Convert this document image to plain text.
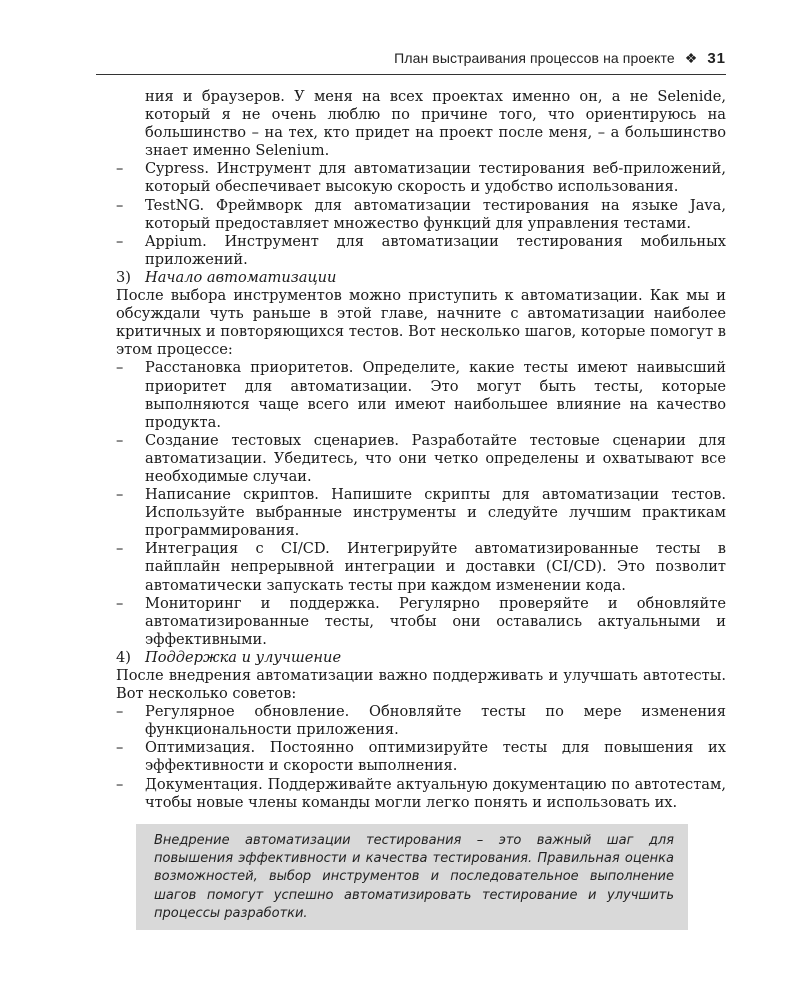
План выстраивания процессов на проекте ❖ 31

ния и браузеров. У меня на всех проектах именно он, а не Selenide, который я не очень люблю по причине того, что ориентируюсь на большинство – на тех, кто придет на проект после меня, – а большинство знает именно Selenium.

– Cypress. Инструмент для автоматизации тестирования веб-приложений, который обеспечивает высокую скорость и удобство использования.

– TestNG. Фреймворк для автоматизации тестирования на языке Java, который предоставляет множество функций для управления тестами.

– Appium. Инструмент для автоматизации тестирования мобильных приложений.

3) Начало автоматизации

После выбора инструментов можно приступить к автоматизации. Как мы и обсуждали чуть раньше в этой главе, начните с автоматизации наиболее критичных и повторяющихся тестов. Вот несколько шагов, которые помогут в этом процессе:

– Расстановка приоритетов. Определите, какие тесты имеют наивысший приоритет для автоматизации. Это могут быть тесты, которые выполняются чаще всего или имеют наибольшее влияние на качество продукта.

– Создание тестовых сценариев. Разработайте тестовые сценарии для автоматизации. Убедитесь, что они четко определены и охватывают все необходимые случаи.

– Написание скриптов. Напишите скрипты для автоматизации тестов. Используйте выбранные инструменты и следуйте лучшим практикам программирования.

– Интеграция с CI/CD. Интегрируйте автоматизированные тесты в пайплайн непрерывной интеграции и доставки (CI/CD). Это позволит автоматически запускать тесты при каждом изменении кода.

– Мониторинг и поддержка. Регулярно проверяйте и обновляйте автоматизированные тесты, чтобы они оставались актуальными и эффективными.

4) Поддержка и улучшение

После внедрения автоматизации важно поддерживать и улучшать автотесты. Вот несколько советов:

– Регулярное обновление. Обновляйте тесты по мере изменения функциональности приложения.

– Оптимизация. Постоянно оптимизируйте тесты для повышения их эффективности и скорости выполнения.

– Документация. Поддерживайте актуальную документацию по автотестам, чтобы новые члены команды могли легко понять и использовать их.

Внедрение автоматизации тестирования – это важный шаг для повышения эффективности и качества тестирования. Правильная оценка возможностей, выбор инструментов и последовательное выполнение шагов помогут успешно автоматизировать тестирование и улучшить процессы разработки.
